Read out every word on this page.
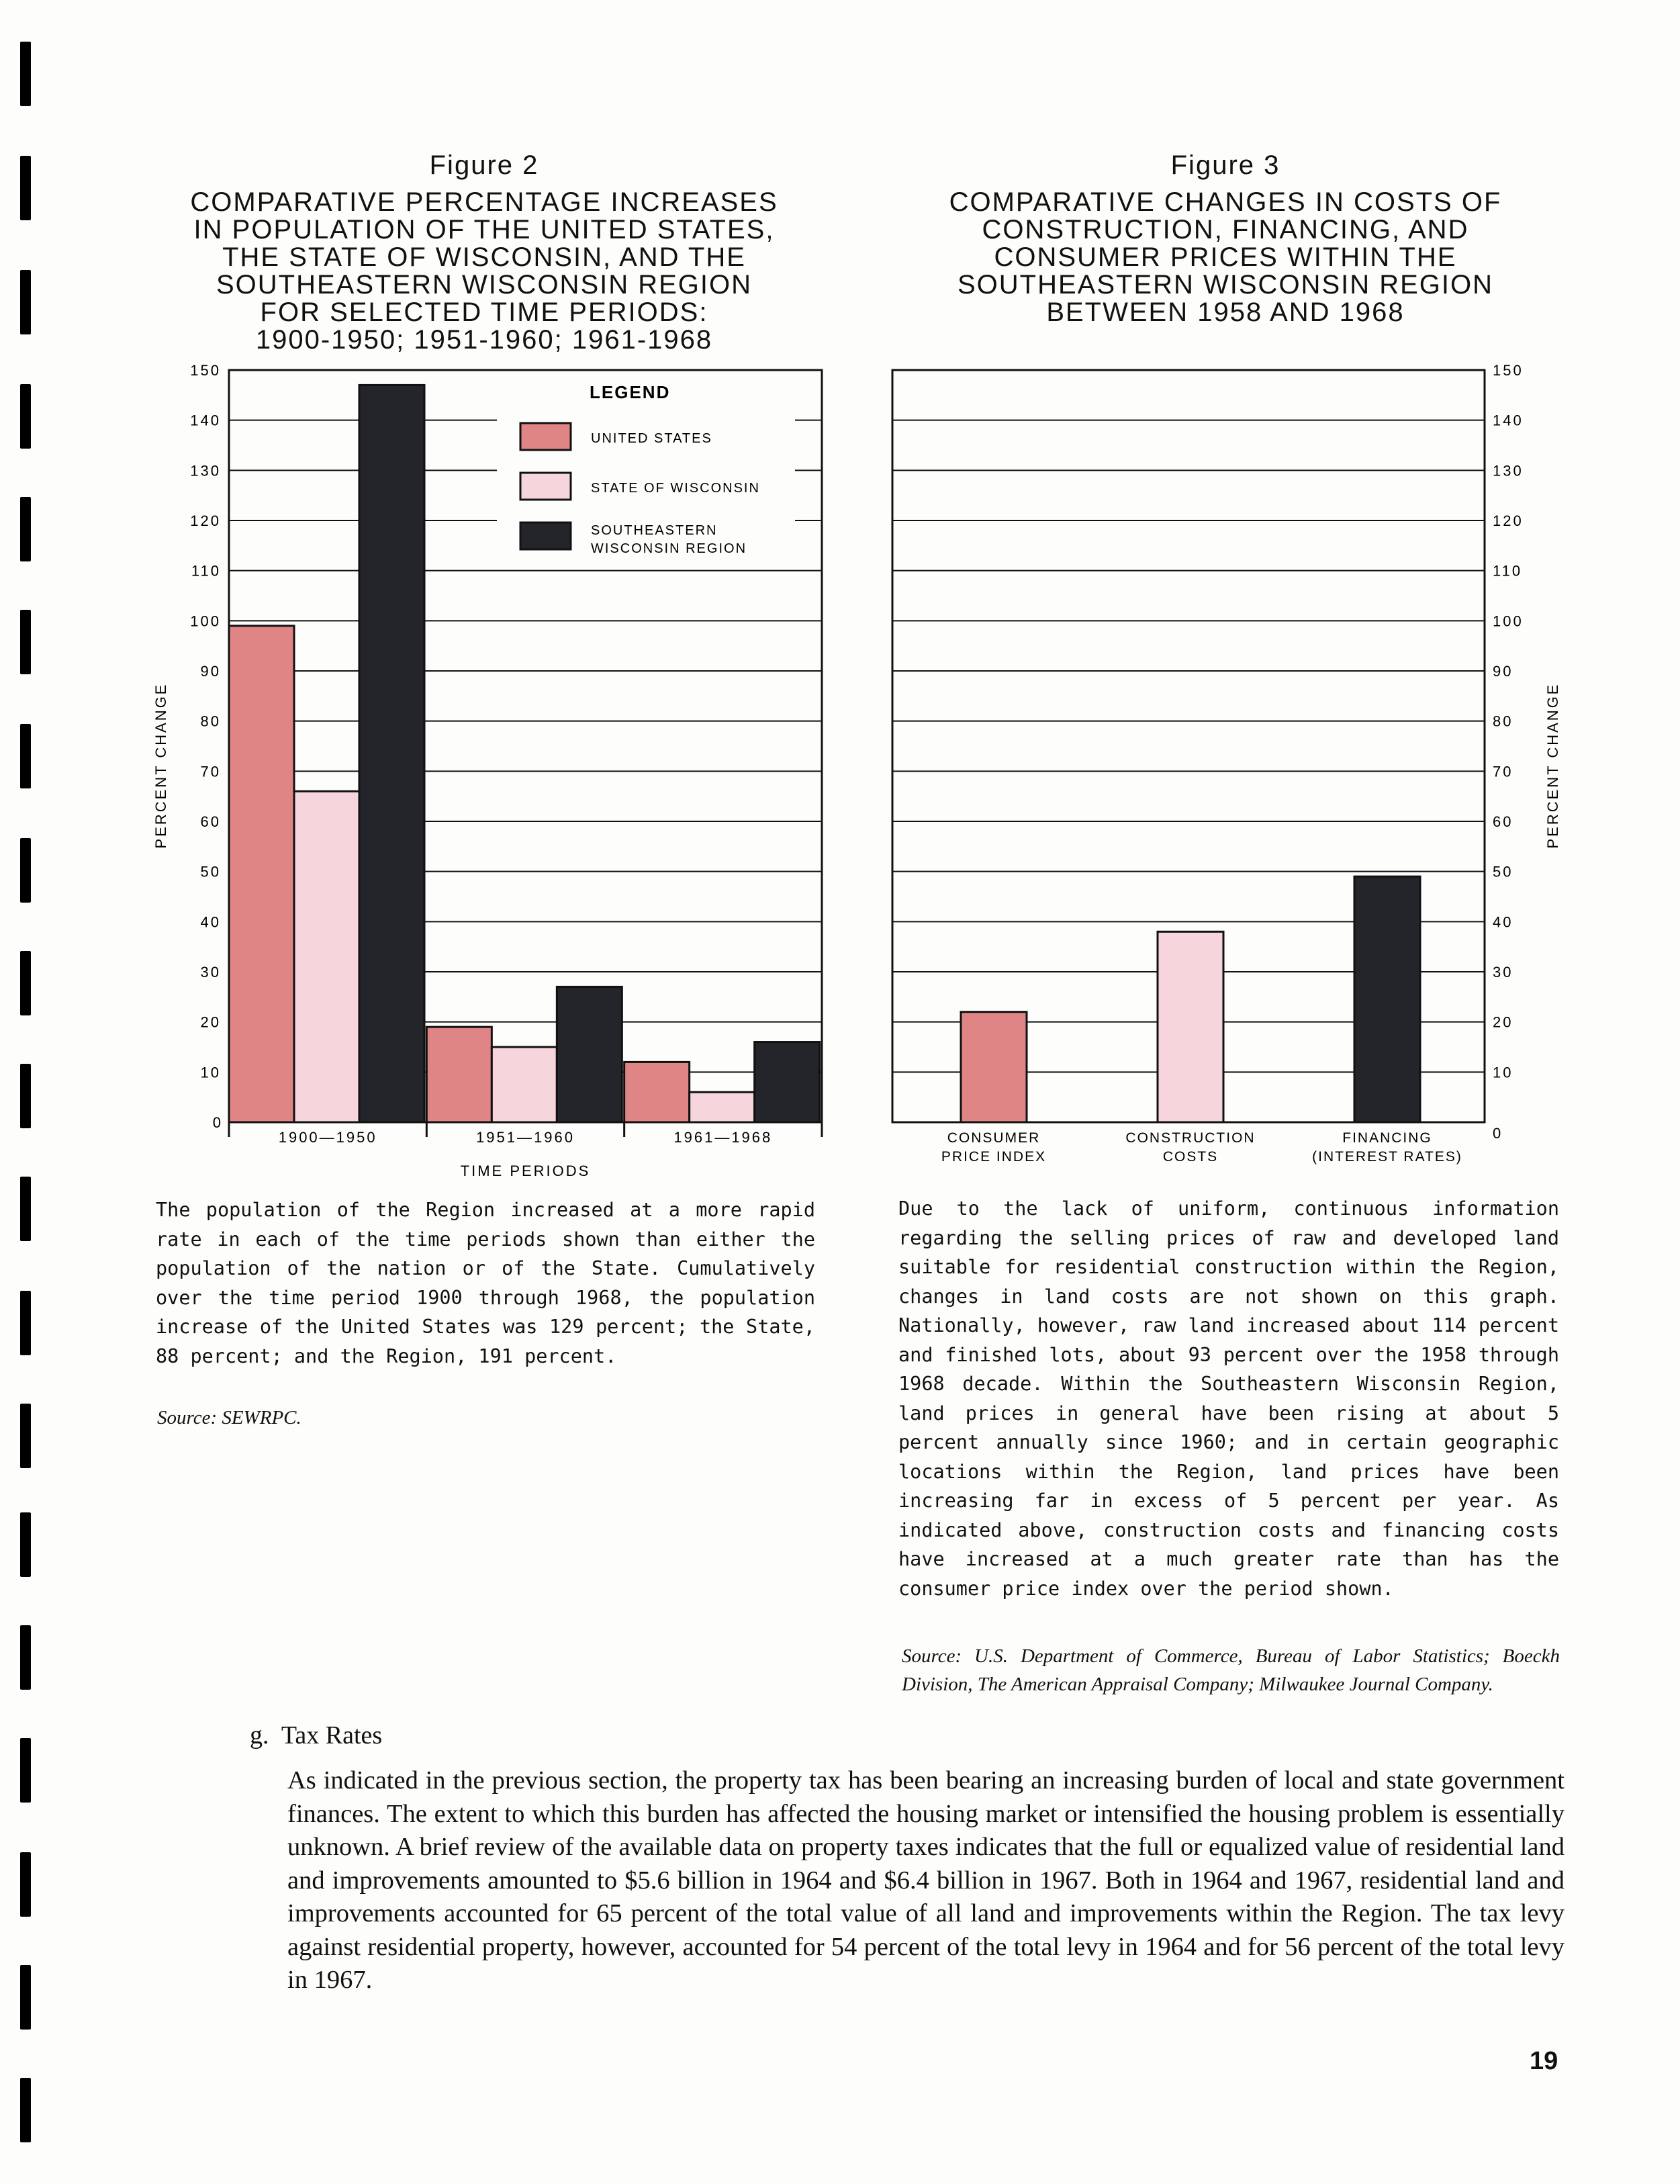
Figure 2
COMPARATIVE PERCENTAGE INCREASES
IN POPULATION OF THE UNITED STATES,
THE STATE OF WISCONSIN, AND THE
SOUTHEASTERN WISCONSIN REGION
FOR SELECTED TIME PERIODS:
1900-1950; 1951-1960; 1961-1968
Figure 3
COMPARATIVE CHANGES IN COSTS OF
CONSTRUCTION, FINANCING, AND
CONSUMER PRICES WITHIN THE
SOUTHEASTERN WISCONSIN REGION
BETWEEN 1958 AND 1968
10
20
30
40
50
60
70
80
90
100
110
120
130
140
150
0
1900—1950	1951—1960	1961—1968
TIME PERIODS
PERCENT CHANGE
LEGEND
UNITED STATES
STATE OF WISCONSIN
SOUTHEASTERN
WISCONSIN REGION
0
10
20
30
40
50
60
70
80
90
100
110
120
130
140
150
CONSUMER
PRICE INDEX
CONSTRUCTION
COSTS
FINANCING
(INTEREST RATES)
PERCENT CHANGE
The population of the Region increased at a more rapid rate in each of the time periods shown than either the population of the nation or of the State. Cumulatively over the time period 1900 through 1968, the population increase of the United States was 129 percent; the State, 88 percent; and the Region, 191 percent.
Source: SEWRPC.
Due to the lack of uniform, continuous information regarding the selling prices of raw and developed land suitable for residential construction within the Region, changes in land costs are not shown on this graph. Nationally, however, raw land increased about 114 percent and finished lots, about 93 percent over the 1958 through 1968 decade. Within the Southeastern Wisconsin Region, land prices in general have been rising at about 5 percent annually since 1960; and in certain geographic locations within the Region, land prices have been increasing far in excess of 5 percent per year. As indicated above, construction costs and financing costs have increased at a much greater rate than has the consumer price index over the period shown.
Source: U.S. Department of Commerce, Bureau of Labor Statistics; Boeckh Division, The American Appraisal Company; Milwaukee Journal Company.
g.  Tax Rates
As indicated in the previous section, the property tax has been bearing an increasing burden of local and state government finances. The extent to which this burden has affected the housing market or intensified the housing problem is essentially unknown. A brief review of the available data on property taxes indicates that the full or equalized value of residential land and improvements amounted to $5.6 billion in 1964 and $6.4 billion in 1967. Both in 1964 and 1967, residential land and improvements accounted for 65 percent of the total value of all land and improvements within the Region. The tax levy against residential property, however, accounted for 54 percent of the total levy in 1964 and for 56 percent of the total levy in 1967.
19
